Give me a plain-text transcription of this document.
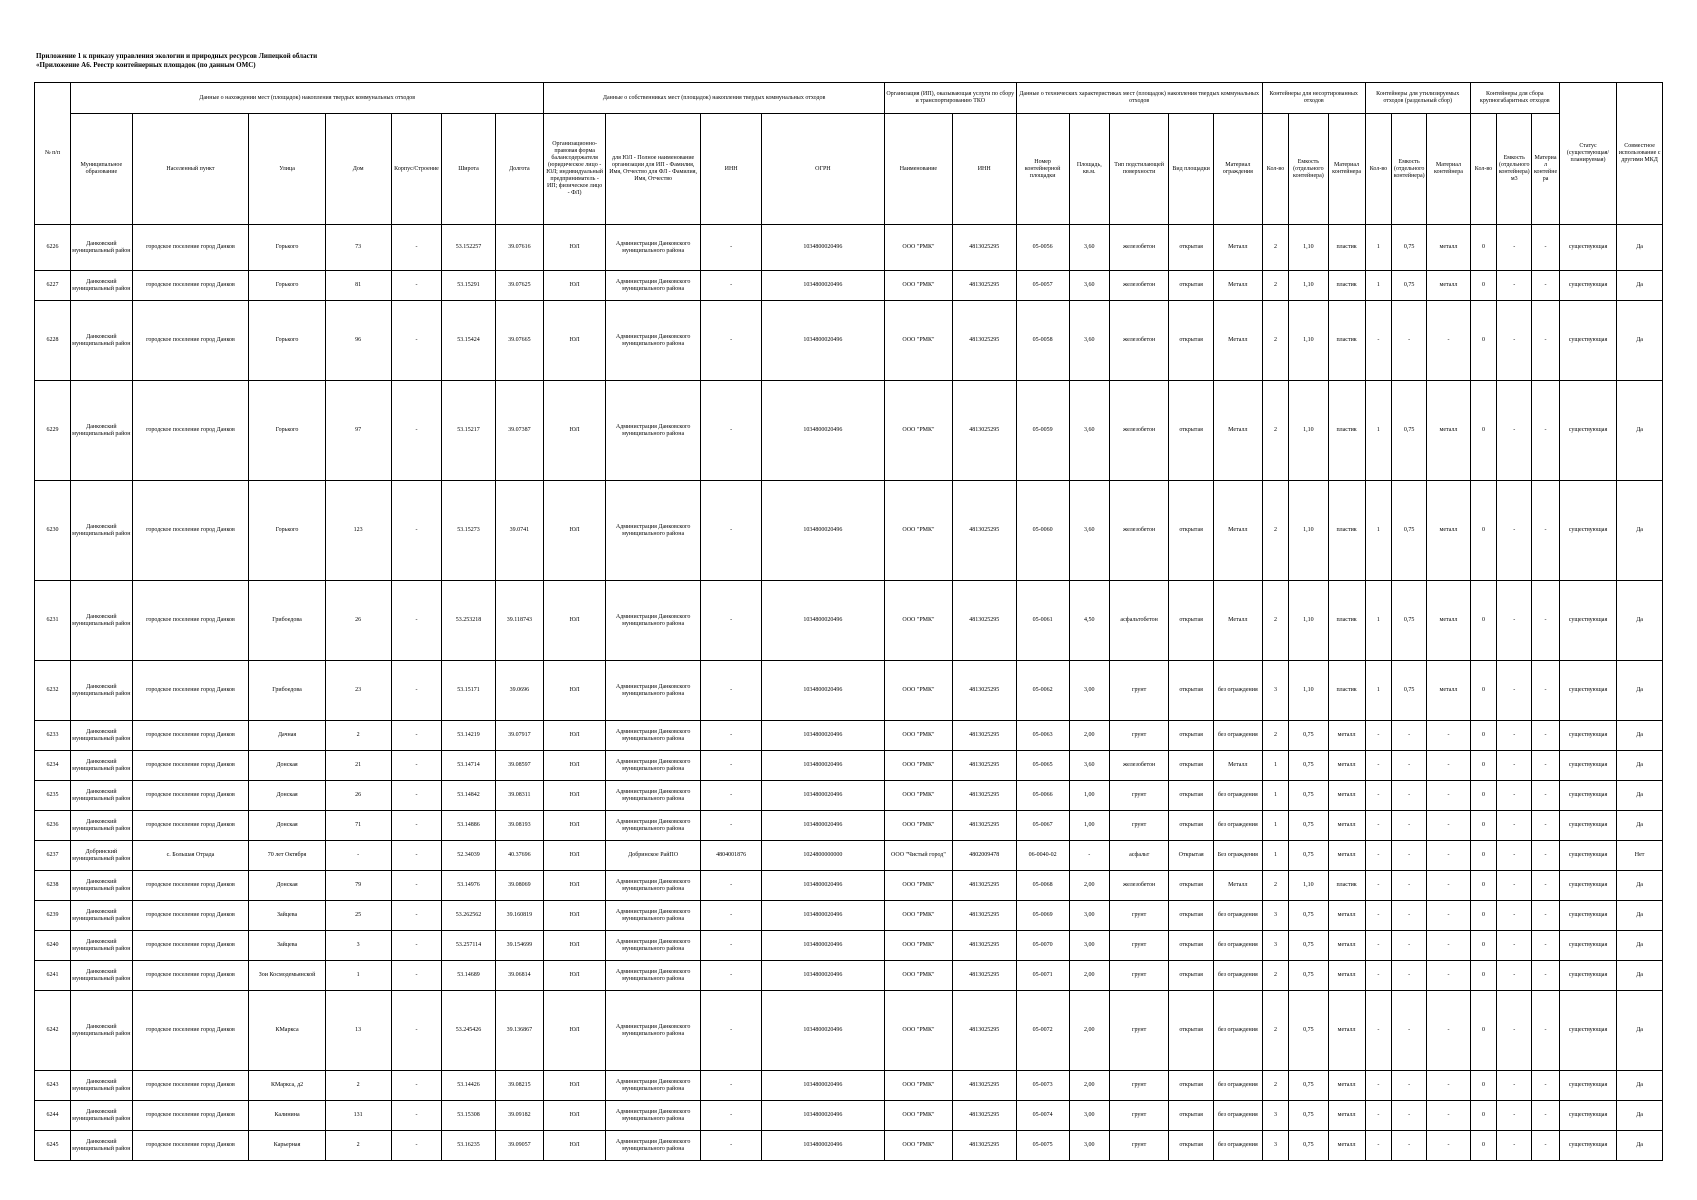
Приложение 1 к приказу управления экологии и природных ресурсов Липецкой области
«Приложение А6. Реестр контейнерных площадок (по данным ОМС)
№ п/п	Данные о нахождении мест (площадок) накопления твердых коммунальных отходов							Данные о собственниках мест (площадок) накопления твердых коммунальных отходов				Организация (ИП), оказывающая услуги по сбору и транспортированию ТКО		Данные о технических характеристиках мест (площадок) накопления твердых коммунальных отходов					Контейнеры для несортированных отходов			Контейнеры для утилизируемых отходов (раздельный сбор)			Контейнеры для сбора крупногабаритных отходов			Статус (существующая/планируемая)	Совместное использование с другими МКД
	Муниципальное образование	Населенный пункт	Улица	Дом	Корпус/Строение	Широта	Долгота	Организационно-правовая форма балансодержателя (юридическое лицо - ЮЛ; индивидуальный предприниматель - ИП; физическое лицо - ФЛ)	для ЮЛ - Полное наименование организации для ИП - Фамилия, Имя, Отчество для ФЛ - Фамилия, Имя, Отчество	ИНН	ОГРН	Наименование	ИНН	Номер контейнерной площадки	Площадь, кв.м.	Тип подстилающей поверхности	Вид площадки	Материал ограждения	Кол-во	Емкость (отдельного контейнера)	Материал контейнера	Кол-во	Емкость (отдельного контейнера)	Материал контейнера	Кол-во	Емкость (отдельного контейнера) м3	Материал контейнера		
6226	Данковский муниципальный район	городское поселение город Данков	Горького	73	-	53.152257	39.07616	ЮЛ	Администрация Данковского муниципального района	-	1034800020496	ООО "РМК"	4813025295	05-0056	3,60	железобетон	открытая	Металл	2	1,10	пластик	1	0,75	металл	0	-	-	существующая	Да
6227	Данковский муниципальный район	городское поселение город Данков	Горького	81	-	53.15291	39.07625	ЮЛ	Администрация Данковского муниципального района	-	1034800020496	ООО "РМК"	4813025295	05-0057	3,60	железобетон	открытая	Металл	2	1,10	пластик	1	0,75	металл	0	-	-	существующая	Да
6228	Данковский муниципальный район	городское поселение город Данков	Горького	96	-	53.15424	39.07665	ЮЛ	Администрация Данковского муниципального района	-	1034800020496	ООО "РМК"	4813025295	05-0058	3,60	железобетон	открытая	Металл	2	1,10	пластик	-	-	-	0	-	-	существующая	Да
6229	Данковский муниципальный район	городское поселение город Данков	Горького	97	-	53.15217	39.07387	ЮЛ	Администрация Данковского муниципального района	-	1034800020496	ООО "РМК"	4813025295	05-0059	3,60	железобетон	открытая	Металл	2	1,10	пластик	1	0,75	металл	0	-	-	существующая	Да
6230	Данковский муниципальный район	городское поселение город Данков	Горького	123	-	53.15273	39.0741	ЮЛ	Администрация Данковского муниципального района	-	1034800020496	ООО "РМК"	4813025295	05-0060	3,60	железобетон	открытая	Металл	2	1,10	пластик	1	0,75	металл	0	-	-	существующая	Да
6231	Данковский муниципальный район	городское поселение город Данков	Грибоедова	26	-	53.253218	39.118743	ЮЛ	Администрация Данковского муниципального района	-	1034800020496	ООО "РМК"	4813025295	05-0061	4,50	асфальтобетон	открытая	Металл	2	1,10	пластик	1	0,75	металл	0	-	-	существующая	Да
6232	Данковский муниципальный район	городское поселение город Данков	Грибоедова	23	-	53.15171	39.0696	ЮЛ	Администрация Данковского муниципального района	-	1034800020496	ООО "РМК"	4813025295	05-0062	3,00	грунт	открытая	без ограждения	3	1,10	пластик	1	0,75	металл	0	-	-	существующая	Да
6233	Данковский муниципальный район	городское поселение город Данков	Дачная	2	-	53.14219	39.07917	ЮЛ	Администрация Данковского муниципального района	-	1034800020496	ООО "РМК"	4813025295	05-0063	2,00	грунт	открытая	без ограждения	2	0,75	металл	-	-	-	0	-	-	существующая	Да
6234	Данковский муниципальный район	городское поселение город Данков	Донская	21	-	53.14714	39.08597	ЮЛ	Администрация Данковского муниципального района	-	1034800020496	ООО "РМК"	4813025295	05-0065	3,60	железобетон	открытая	Металл	1	0,75	металл	-	-	-	0	-	-	существующая	Да
6235	Данковский муниципальный район	городское поселение город Данков	Донская	26	-	53.14842	39.08311	ЮЛ	Администрация Данковского муниципального района	-	1034800020496	ООО "РМК"	4813025295	05-0066	1,00	грунт	открытая	без ограждения	1	0,75	металл	-	-	-	0	-	-	существующая	Да
6236	Данковский муниципальный район	городское поселение город Данков	Донская	71	-	53.14886	39.08193	ЮЛ	Администрация Данковского муниципального района	-	1034800020496	ООО "РМК"	4813025295	05-0067	1,00	грунт	открытая	без ограждения	1	0,75	металл	-	-	-	0	-	-	существующая	Да
6237	Добринский муниципальный район	с. Большая Отрада	70 лет Октября	-	-	52.34039	40.37696	ЮЛ	Добринское РайПО	4804001876	1024800000000	ООО "Чистый город"	4802009478	06-0040-02	-	асфальт	Открытая	Без ограждения	1	0,75	металл	-	-	-	0	-	-	существующая	Нет
6238	Данковский муниципальный район	городское поселение город Данков	Донская	79	-	53.14976	39.08069	ЮЛ	Администрация Данковского муниципального района	-	1034800020496	ООО "РМК"	4813025295	05-0068	2,00	железобетон	открытая	Металл	2	1,10	пластик	-	-	-	0	-	-	существующая	Да
6239	Данковский муниципальный район	городское поселение город Данков	Зайцева	25	-	53.262562	39.160819	ЮЛ	Администрация Данковского муниципального района	-	1034800020496	ООО "РМК"	4813025295	05-0069	3,00	грунт	открытая	без ограждения	3	0,75	металл	-	-	-	0	-	-	существующая	Да
6240	Данковский муниципальный район	городское поселение город Данков	Зайцева	3	-	53.257114	39.154699	ЮЛ	Администрация Данковского муниципального района	-	1034800020496	ООО "РМК"	4813025295	05-0070	3,00	грунт	открытая	без ограждения	3	0,75	металл	-	-	-	0	-	-	существующая	Да
6241	Данковский муниципальный район	городское поселение город Данков	Зои Космодемьянской	1	-	53.14689	39.06814	ЮЛ	Администрация Данковского муниципального района	-	1034800020496	ООО "РМК"	4813025295	05-0071	2,00	грунт	открытая	без ограждения	2	0,75	металл	-	-	-	0	-	-	существующая	Да
6242	Данковский муниципальный район	городское поселение город Данков	КМаркса	13	-	53.245426	39.136867	ЮЛ	Администрация Данковского муниципального района	-	1034800020496	ООО "РМК"	4813025295	05-0072	2,00	грунт	открытая	без ограждения	2	0,75	металл	-	-	-	0	-	-	существующая	Да
6243	Данковский муниципальный район	городское поселение город Данков	КМаркса, д2	2	-	53.14426	39.08215	ЮЛ	Администрация Данковского муниципального района	-	1034800020496	ООО "РМК"	4813025295	05-0073	2,00	грунт	открытая	без ограждения	2	0,75	металл	-	-	-	0	-	-	существующая	Да
6244	Данковский муниципальный район	городское поселение город Данков	Калинина	131	-	53.15308	39.09182	ЮЛ	Администрация Данковского муниципального района	-	1034800020496	ООО "РМК"	4813025295	05-0074	3,00	грунт	открытая	без ограждения	3	0,75	металл	-	-	-	0	-	-	существующая	Да
6245	Данковский муниципальный район	городское поселение город Данков	Карьерная	2	-	53.16235	39.09057	ЮЛ	Администрация Данковского муниципального района	-	1034800020496	ООО "РМК"	4813025295	05-0075	3,00	грунт	открытая	без ограждения	3	0,75	металл	-	-	-	0	-	-	существующая	Да
